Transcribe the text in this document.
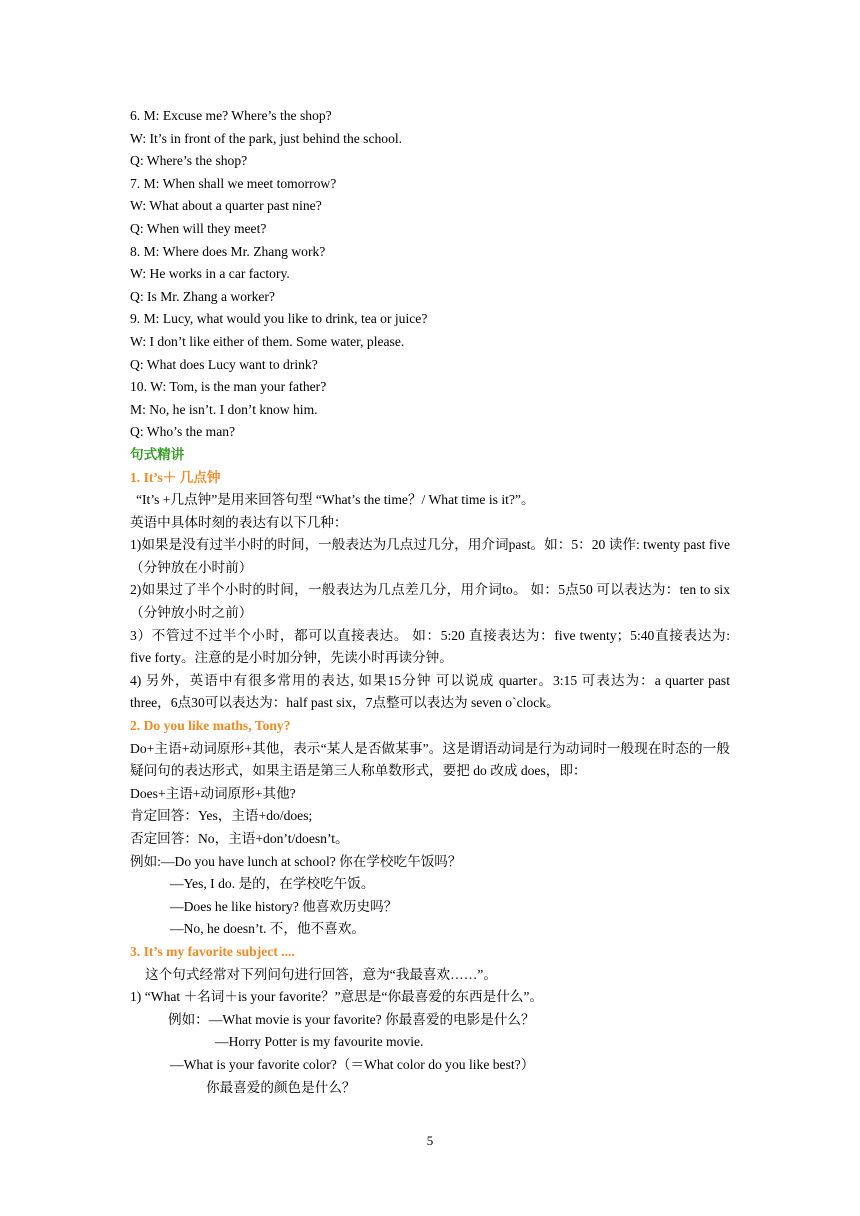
6. M: Excuse me? Where’s the shop?
W: It’s in front of the park, just behind the school.
Q: Where’s the shop?
7. M: When shall we meet tomorrow?
W: What about a quarter past nine?
Q: When will they meet?
8. M: Where does Mr. Zhang work?
W: He works in a car factory.
Q: Is Mr. Zhang a worker?
9. M: Lucy, what would you like to drink, tea or juice?
W: I don’t like either of them. Some water, please.
Q: What does Lucy want to drink?
10. W: Tom, is the man your father?
M: No, he isn’t. I don’t know him.
Q: Who’s the man?
句式精讲
1. It’s＋ 几点钟
“It’s +几点钟”是用来回答句型 “What’s the time？/ What time is it?”。
英语中具体时刻的表达有以下几种：
1)如果是没有过半小时的时间，一般表达为几点过几分，用介词past。如：5：20 读作: twenty past five（分钟放在小时前）
2)如果过了半个小时的时间，一般表达为几点差几分，用介词to。 如：5点50 可以表达为：ten to six（分钟放小时之前）
3）不管过不过半个小时，都可以直接表达。 如：5:20 直接表达为：five twenty；5:40直接表达为: five forty。注意的是小时加分钟，先读小时再读分钟。
4) 另外，英语中有很多常用的表达, 如果15分钟 可以说成 quarter。3:15 可表达为：a quarter past three，6点30可以表达为：half past six，7点整可以表达为 seven o`clock。
2. Do you like maths, Tony?
Do+主语+动词原形+其他，表示“某人是否做某事”。这是谓语动词是行为动词时一般现在时态的一般疑问句的表达形式，如果主语是第三人称单数形式，要把 do 改成 does，即：
Does+主语+动词原形+其他?
肯定回答：Yes，主语+do/does;
否定回答：No，主语+don’t/doesn’t。
例如:—Do you have lunch at school? 你在学校吃午饭吗？
—Yes, I do. 是的，在学校吃午饭。
—Does he like history? 他喜欢历史吗？
—No, he doesn’t. 不，他不喜欢。
3. It’s my favorite subject ....
这个句式经常对下列问句进行回答，意为“我最喜欢……”。
1) “What ＋名词＋is your favorite？”意思是“你最喜爱的东西是什么”。
例如：—What movie is your favorite? 你最喜爱的电影是什么？
—Horry Potter is my favourite movie.
—What is your favorite color?（＝What color do you like best?）
你最喜爱的颜色是什么？
5
